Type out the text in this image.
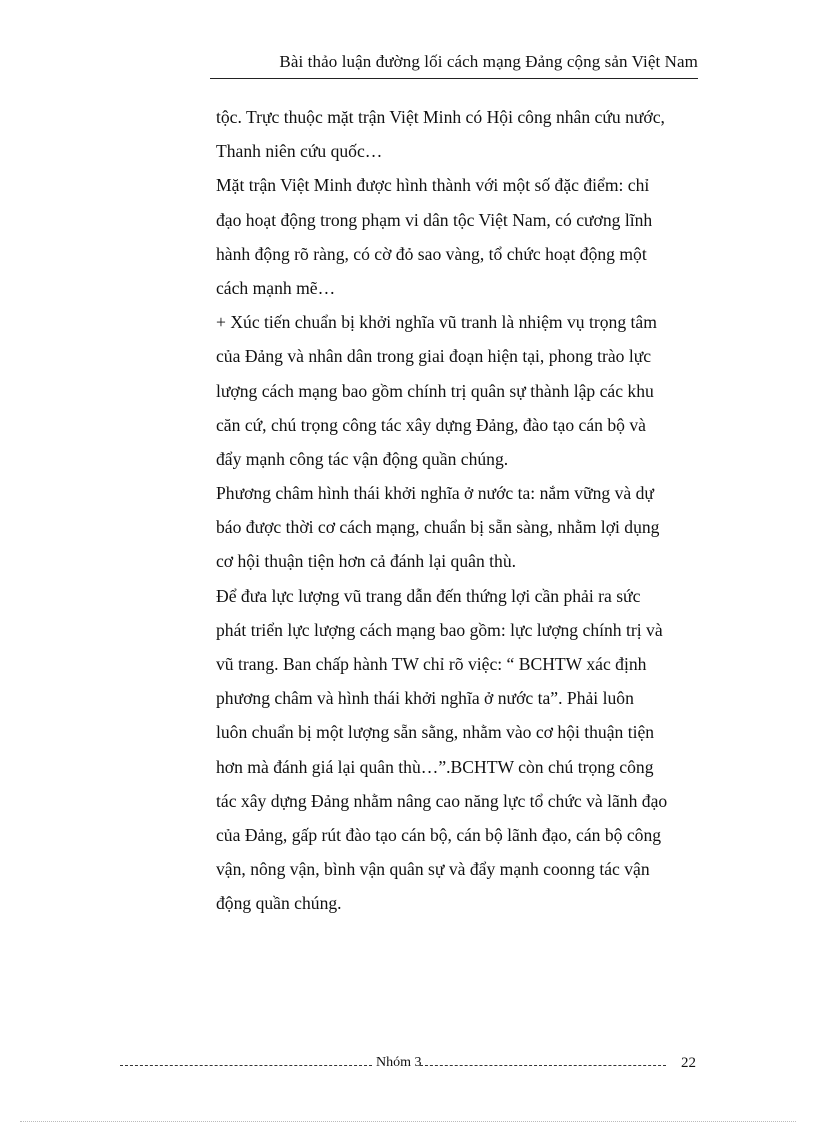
Bài thảo luận đường lối cách mạng Đảng cộng sản Việt Nam
tộc. Trực thuộc mặt trận Việt Minh có Hội công nhân cứu nước,
Thanh niên cứu quốc…
Mặt trận Việt Minh được hình thành với một số đặc điểm: chỉ
đạo hoạt động trong phạm vi dân tộc Việt Nam, có cương lĩnh
hành động rõ ràng, có cờ đỏ sao vàng, tổ chức hoạt động một
cách mạnh mẽ…
+ Xúc tiến chuẩn bị khởi nghĩa vũ tranh là nhiệm vụ trọng tâm
của Đảng và nhân dân trong giai đoạn hiện tại, phong trào lực
lượng cách mạng bao gồm chính trị quân sự thành lập các khu
căn cứ, chú trọng công tác xây dựng Đảng, đào tạo cán bộ và
đẩy mạnh công tác vận động quần chúng.
Phương châm hình thái khởi nghĩa ở nước ta: nắm vững và dự
báo được thời cơ cách mạng, chuẩn bị sẵn sàng, nhằm lợi dụng
cơ hội thuận tiện hơn cả đánh lại quân thù.
Để đưa lực lượng vũ trang dẫn đến thứng lợi cần phải ra sức
phát triển lực lượng cách mạng bao gồm: lực lượng chính trị và
vũ trang. Ban chấp hành TW chỉ rõ việc: “ BCHTW xác định
phương châm và hình thái khởi nghĩa ở nước ta”. Phải luôn
luôn chuẩn bị một lượng sẵn sằng, nhằm vào cơ hội thuận tiện
hơn mà đánh giá lại quân thù…”.BCHTW còn chú trọng công
tác xây dựng Đảng nhằm nâng cao năng lực tổ chức và lãnh đạo
của Đảng, gấp rút đào tạo cán bộ, cán bộ lãnh đạo, cán bộ công
vận, nông vận, bình vận quân sự và đẩy mạnh coonng tác vận
động quần chúng.
Nhóm 3	22
